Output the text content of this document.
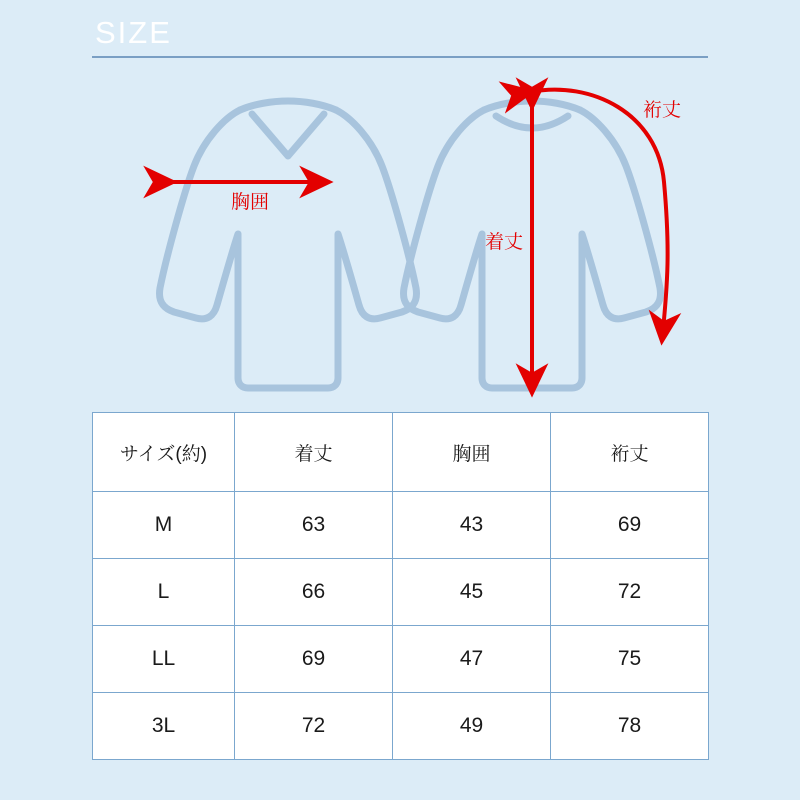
SIZE
胸囲
着丈
裄丈
サイズ(約)	着丈	胸囲	裄丈
M	63	43	69
L	66	45	72
LL	69	47	75
3L	72	49	78
